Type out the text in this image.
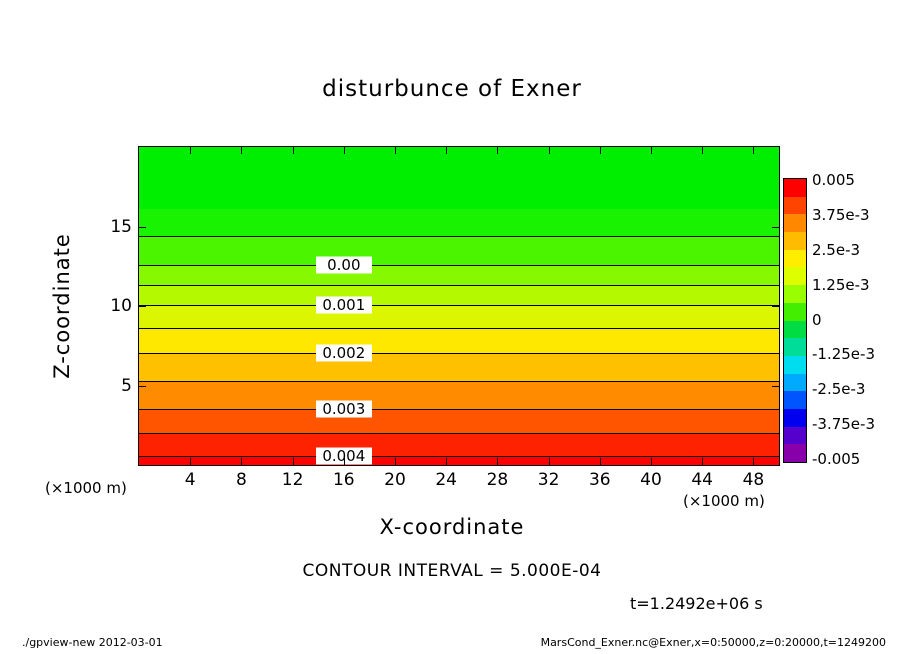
disturbunce of Exner
0.00
0.001
0.002
0.003
0.004
4 8 12 16 20 24 28 32 36 40 44 48
5
10
15
(×1000 m)
(×1000 m)
X-coordinate
Z-coordinate
0.005
3.75e-3
2.5e-3
1.25e-3
0
-1.25e-3
-2.5e-3
-3.75e-3
-0.005
CONTOUR INTERVAL = 5.000E-04
t=1.2492e+06 s
./gpview-new 2012-03-01	MarsCond_Exner.nc@Exner,x=0:50000,z=0:20000,t=1249200
